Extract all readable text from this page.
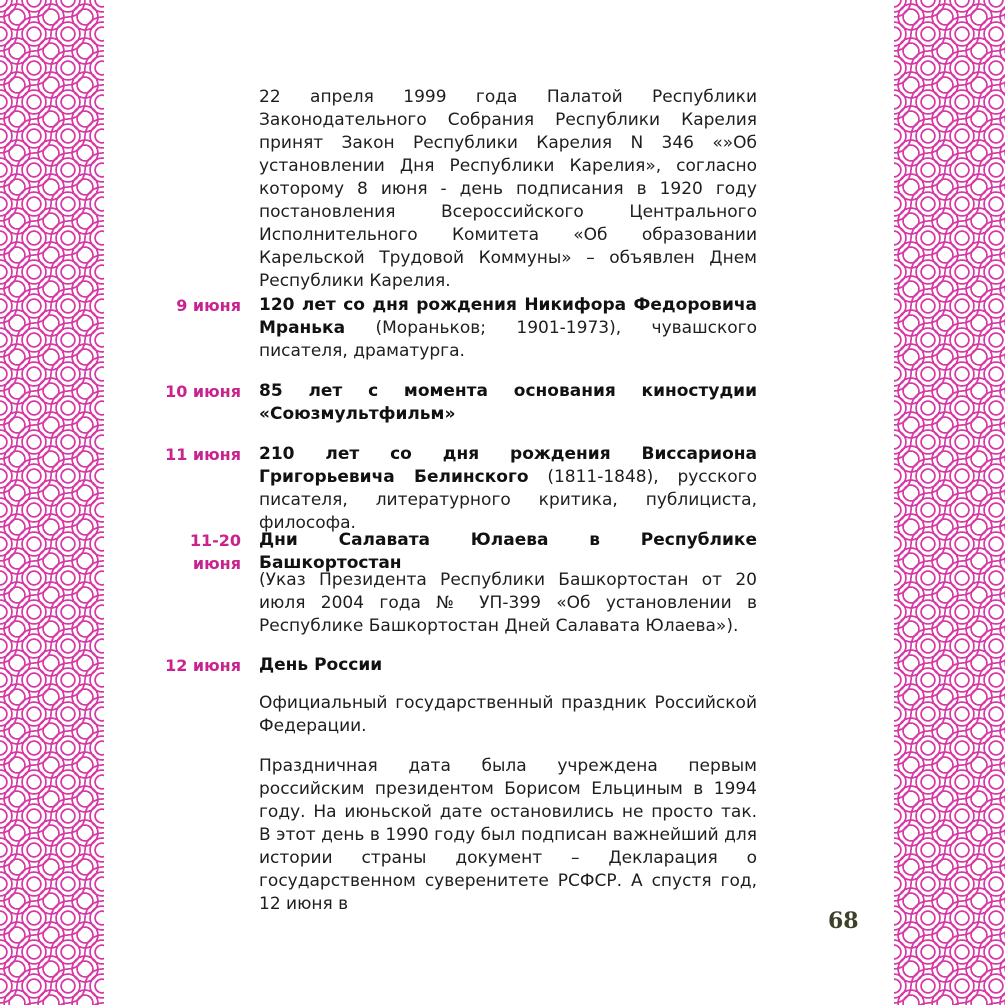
22 апреля 1999 года Палатой Республики Законодательного Собрания Республики Карелия принят Закон Республики Карелия N 346 «»Об установлении Дня Республики Карелия», согласно которому 8 июня - день подписания в 1920 году постановления Всероссийского Центрального Исполнительного Комитета «Об образовании Карельской Трудовой Коммуны» – объявлен Днем Республики Карелия.

9 июня 120 лет со дня рождения Никифора Федоровича Мранька (Мораньков; 1901-1973), чувашского писателя, драматурга.

10 июня 85 лет с момента основания киностудии «Союзмультфильм»

11 июня 210 лет со дня рождения Виссариона Григорьевича Белинского (1811-1848), русского писателя, литературного критика, публициста, философа.

11-20 июня

Дни Салавата Юлаева в Республике Башкортостан

(Указ Президента Республики Башкортостан от 20 июля 2004 года № УП-399 «Об установлении в Республике Башкортостан Дней Салавата Юлаева»).

12 июня День России

Официальный государственный праздник Российской Федерации.

Праздничная дата была учреждена первым российским президентом Борисом Ельциным в 1994 году. На июньской дате остановились не просто так. В этот день в 1990 году был подписан важнейший для истории страны документ – Декларация о государственном суверенитете РСФСР. А спустя год, 12 июня в

68
